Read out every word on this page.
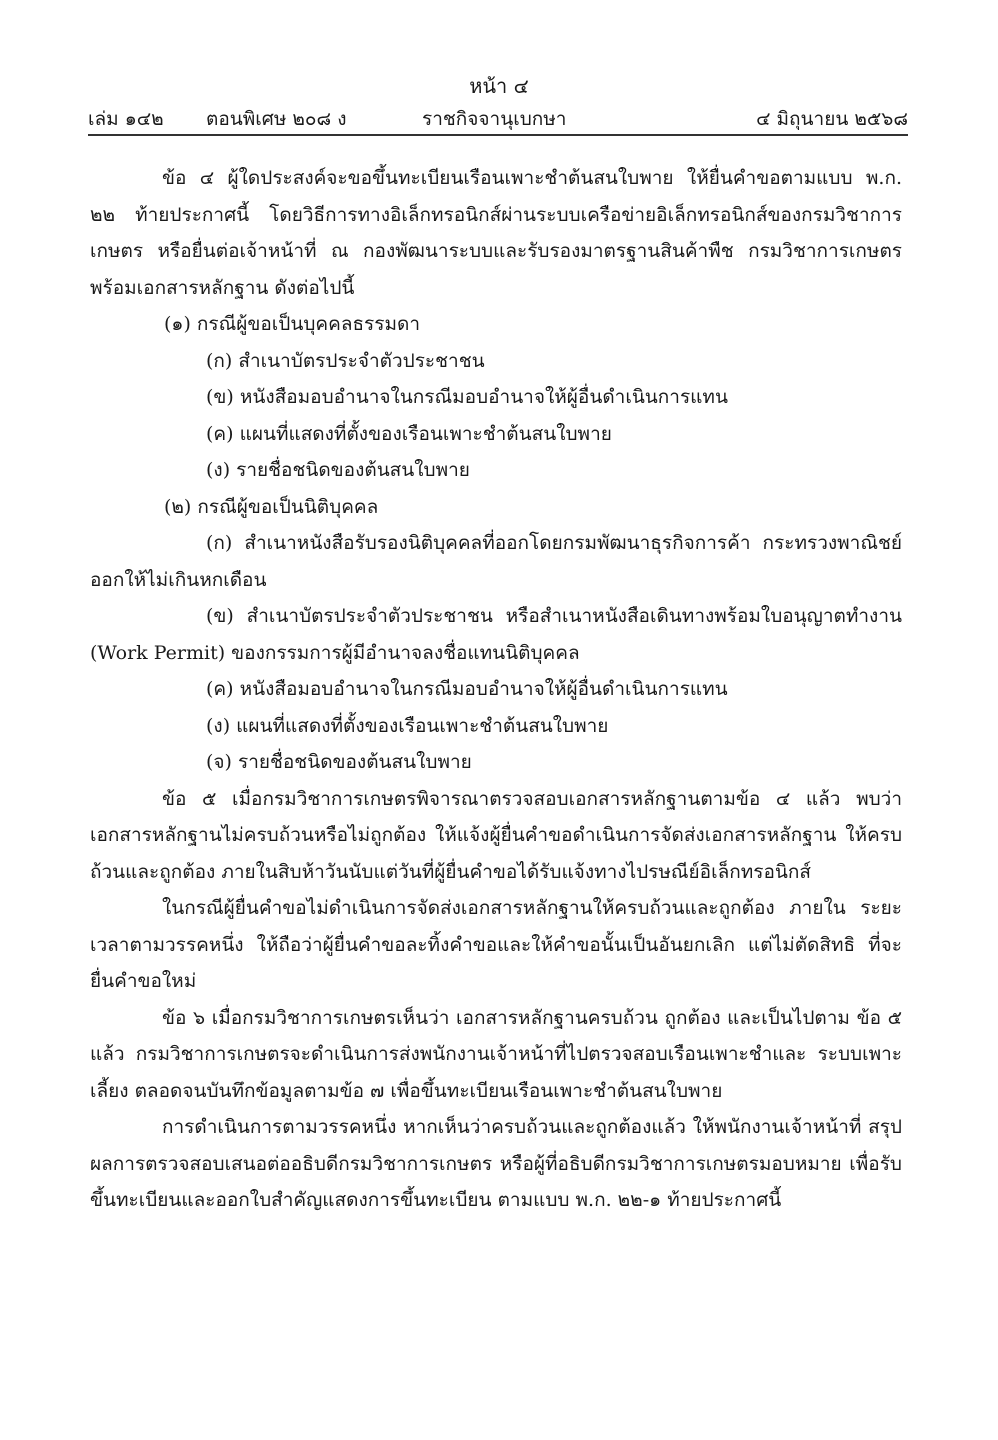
หน้า ๔
เล่ม ๑๔๒ ตอนพิเศษ ๒๐๘ ง	ราชกิจจานุเบกษา	๔ มิถุนายน ๒๕๖๘

ข้อ ๔ ผู้ใดประสงค์จะขอขึ้นทะเบียนเรือนเพาะชำต้นสนใบพาย ให้ยื่นคำขอตามแบบ พ.ก. ๒๒ ท้ายประกาศนี้ โดยวิธีการทางอิเล็กทรอนิกส์ผ่านระบบเครือข่ายอิเล็กทรอนิกส์ของกรมวิชาการเกษตร หรือยื่นต่อเจ้าหน้าที่ ณ กองพัฒนาระบบและรับรองมาตรฐานสินค้าพืช กรมวิชาการเกษตร พร้อมเอกสารหลักฐาน ดังต่อไปนี้

(๑) กรณีผู้ขอเป็นบุคคลธรรมดา

(ก) สำเนาบัตรประจำตัวประชาชน

(ข) หนังสือมอบอำนาจในกรณีมอบอำนาจให้ผู้อื่นดำเนินการแทน

(ค) แผนที่แสดงที่ตั้งของเรือนเพาะชำต้นสนใบพาย

(ง) รายชื่อชนิดของต้นสนใบพาย

(๒) กรณีผู้ขอเป็นนิติบุคคล

(ก) สำเนาหนังสือรับรองนิติบุคคลที่ออกโดยกรมพัฒนาธุรกิจการค้า กระทรวงพาณิชย์ ออกให้ไม่เกินหกเดือน

(ข) สำเนาบัตรประจำตัวประชาชน หรือสำเนาหนังสือเดินทางพร้อมใบอนุญาตทำงาน (Work Permit) ของกรรมการผู้มีอำนาจลงชื่อแทนนิติบุคคล

(ค) หนังสือมอบอำนาจในกรณีมอบอำนาจให้ผู้อื่นดำเนินการแทน

(ง) แผนที่แสดงที่ตั้งของเรือนเพาะชำต้นสนใบพาย

(จ) รายชื่อชนิดของต้นสนใบพาย

ข้อ ๕ เมื่อกรมวิชาการเกษตรพิจารณาตรวจสอบเอกสารหลักฐานตามข้อ ๔ แล้ว พบว่าเอกสารหลักฐานไม่ครบถ้วนหรือไม่ถูกต้อง ให้แจ้งผู้ยื่นคำขอดำเนินการจัดส่งเอกสารหลักฐาน ให้ครบถ้วนและถูกต้อง ภายในสิบห้าวันนับแต่วันที่ผู้ยื่นคำขอได้รับแจ้งทางไปรษณีย์อิเล็กทรอนิกส์

ในกรณีผู้ยื่นคำขอไม่ดำเนินการจัดส่งเอกสารหลักฐานให้ครบถ้วนและถูกต้อง ภายใน ระยะเวลาตามวรรคหนึ่ง ให้ถือว่าผู้ยื่นคำขอละทิ้งคำขอและให้คำขอนั้นเป็นอันยกเลิก แต่ไม่ตัดสิทธิ ที่จะยื่นคำขอใหม่

ข้อ ๖ เมื่อกรมวิชาการเกษตรเห็นว่า เอกสารหลักฐานครบถ้วน ถูกต้อง และเป็นไปตาม ข้อ ๕ แล้ว กรมวิชาการเกษตรจะดำเนินการส่งพนักงานเจ้าหน้าที่ไปตรวจสอบเรือนเพาะชำและ ระบบเพาะเลี้ยง ตลอดจนบันทึกข้อมูลตามข้อ ๗ เพื่อขึ้นทะเบียนเรือนเพาะชำต้นสนใบพาย

การดำเนินการตามวรรคหนึ่ง หากเห็นว่าครบถ้วนและถูกต้องแล้ว ให้พนักงานเจ้าหน้าที่ สรุปผลการตรวจสอบเสนอต่ออธิบดีกรมวิชาการเกษตร หรือผู้ที่อธิบดีกรมวิชาการเกษตรมอบหมาย เพื่อรับขึ้นทะเบียนและออกใบสำคัญแสดงการขึ้นทะเบียน ตามแบบ พ.ก. ๒๒-๑ ท้ายประกาศนี้
